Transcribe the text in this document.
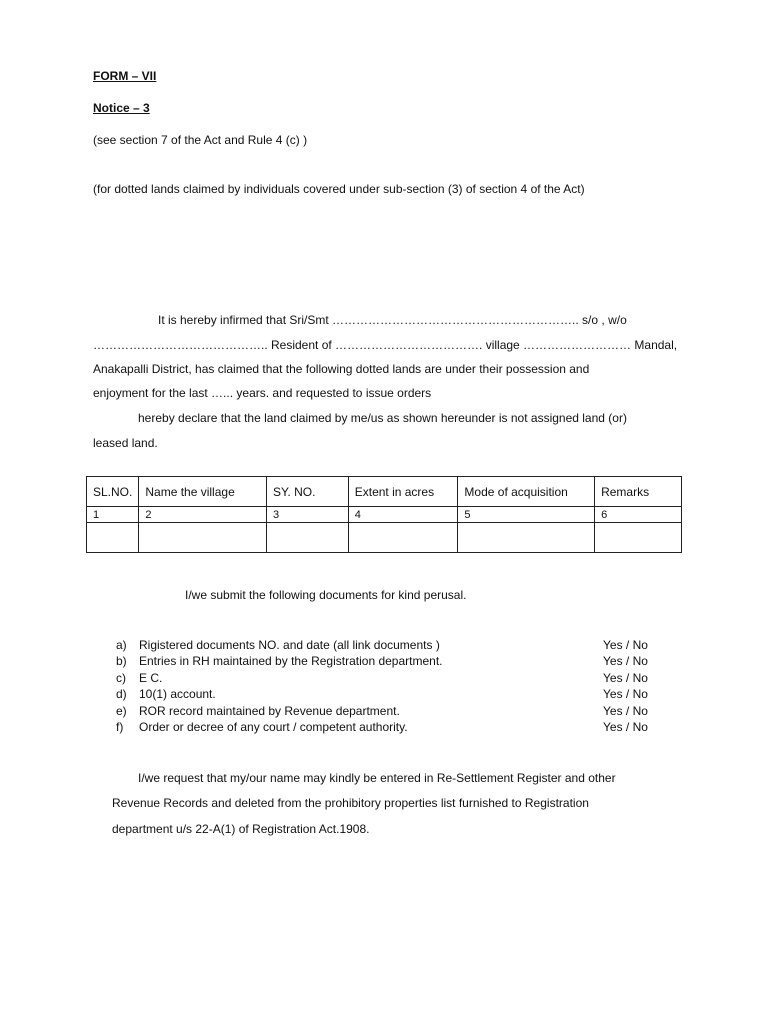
FORM – VII
Notice – 3
(see section 7 of the Act and Rule 4 (c) )
(for dotted lands claimed by individuals covered under sub-section (3) of section 4 of the Act)
It is hereby infirmed that Sri/Smt …………………………………………………….. s/o , w/o
…………………………………….. Resident of ………………………………. village ……………………… Mandal,
Anakapalli District, has claimed that the following dotted lands are under their possession and
enjoyment for the last …... years. and requested to issue orders
hereby declare that the land claimed by me/us as shown hereunder is not assigned land (or)
leased land.
SL.NO.	Name the village	SY. NO.	Extent in acres	Mode of acquisition	Remarks
1	2	3	4	5	6

I/we submit the following documents for kind perusal.
a) Rigistered documents NO. and date (all link documents )	Yes / No
b) Entries in RH maintained by the Registration department.	Yes / No
c) E C.	Yes / No
d) 10(1) account.	Yes / No
e) ROR record maintained by Revenue department.	Yes / No
f) Order or decree of any court / competent authority.	Yes / No
I/we request that my/our name may kindly be entered in Re-Settlement Register and other
Revenue Records and deleted from the prohibitory properties list furnished to Registration
department u/s 22-A(1) of Registration Act.1908.
